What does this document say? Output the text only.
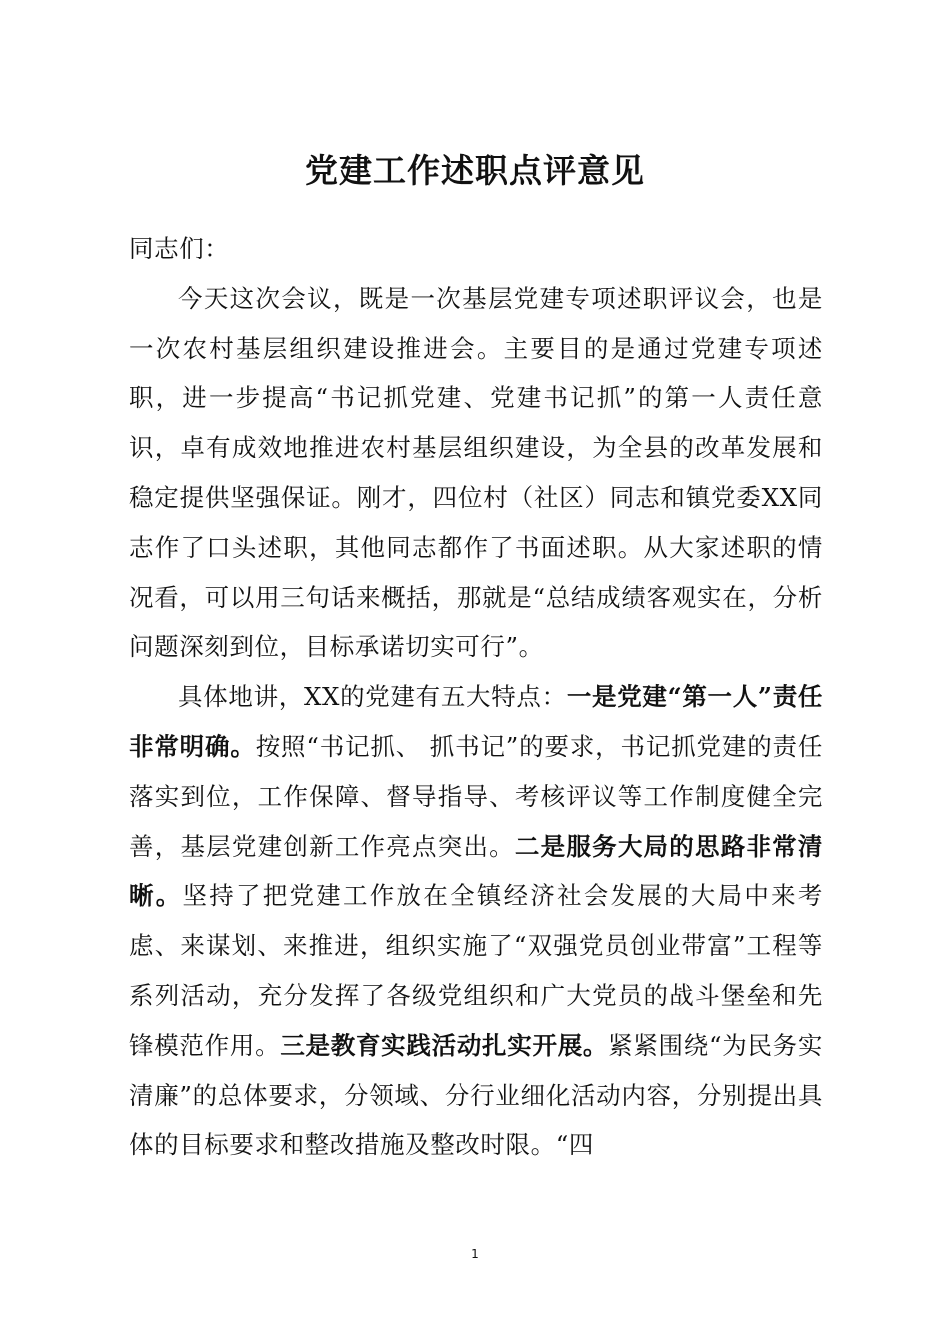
党建工作述职点评意见

同志们：

今天这次会议，既是一次基层党建专项述职评议会，也是一次农村基层组织建设推进会。主要目的是通过党建专项述职，进一步提高“书记抓党建、党建书记抓”的第一人责任意识，卓有成效地推进农村基层组织建设，为全县的改革发展和稳定提供坚强保证。刚才，四位村（社区）同志和镇党委XX同志作了口头述职，其他同志都作了书面述职。从大家述职的情况看，可以用三句话来概括，那就是“总结成绩客观实在，分析问题深刻到位，目标承诺切实可行”。

具体地讲，XX的党建有五大特点：一是党建“第一人”责任非常明确。按照“书记抓、 抓书记”的要求，书记抓党建的责任落实到位，工作保障、督导指导、考核评议等工作制度健全完善，基层党建创新工作亮点突出。二是服务大局的思路非常清晰。坚持了把党建工作放在全镇经济社会发展的大局中来考虑、来谋划、来推进，组织实施了“双强党员创业带富”工程等系列活动，充分发挥了各级党组织和广大党员的战斗堡垒和先锋模范作用。三是教育实践活动扎实开展。紧紧围绕“为民务实清廉”的总体要求，分领域、分行业细化活动内容，分别提出具体的目标要求和整改措施及整改时限。“四

1
